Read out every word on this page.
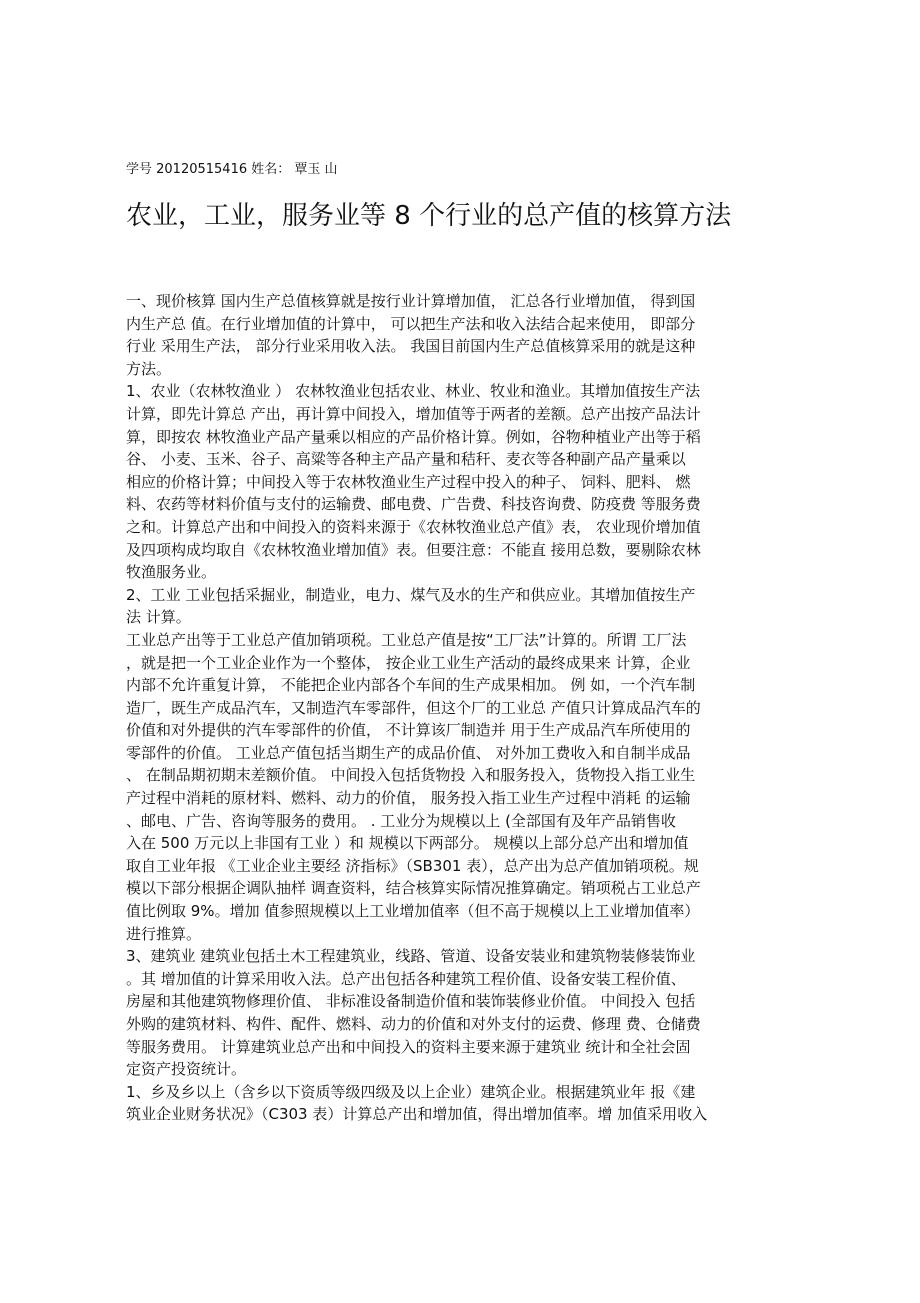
学号 20120515416 姓名： 覃玉 山
农业，工业，服务业等 8 个行业的总产值的核算方法
一、现价核算 国内生产总值核算就是按行业计算增加值， 汇总各行业增加值， 得到国
内生产总 值。在行业增加值的计算中， 可以把生产法和收入法结合起来使用， 即部分
行业 采用生产法， 部分行业采用收入法。 我国目前国内生产总值核算采用的就是这种
方法。
1、农业（农林牧渔业 ） 农林牧渔业包括农业、林业、牧业和渔业。其增加值按生产法
计算，即先计算总 产出，再计算中间投入，增加值等于两者的差额。总产出按产品法计
算，即按农 林牧渔业产品产量乘以相应的产品价格计算。例如，谷物种植业产出等于稻
谷、 小麦、玉米、谷子、高粱等各种主产品产量和秸秆、麦衣等各种副产品产量乘以
相应的价格计算；中间投入等于农林牧渔业生产过程中投入的种子、 饲料、肥料、 燃
料、农药等材料价值与支付的运输费、邮电费、广告费、科技咨询费、防疫费 等服务费
之和。计算总产出和中间投入的资料来源于《农林牧渔业总产值》表， 农业现价增加值
及四项构成均取自《农林牧渔业增加值》表。但要注意：不能直 接用总数，要剔除农林
牧渔服务业。
2、工业 工业包括采掘业，制造业，电力、煤气及水的生产和供应业。其增加值按生产
法 计算。
工业总产出等于工业总产值加销项税。工业总产值是按“工厂法”计算的。所谓 工厂法
，就是把一个工业企业作为一个整体， 按企业工业生产活动的最终成果来 计算，企业
内部不允许重复计算， 不能把企业内部各个车间的生产成果相加。 例 如，一个汽车制
造厂，既生产成品汽车，又制造汽车零部件，但这个厂的工业总 产值只计算成品汽车的
价值和对外提供的汽车零部件的价值， 不计算该厂制造并 用于生产成品汽车所使用的
零部件的价值。 工业总产值包括当期生产的成品价值、 对外加工费收入和自制半成品
、 在制品期初期末差额价值。 中间投入包括货物投 入和服务投入，货物投入指工业生
产过程中消耗的原材料、燃料、动力的价值， 服务投入指工业生产过程中消耗 的运输
、邮电、广告、咨询等服务的费用。 . 工业分为规模以上 (全部国有及年产品销售收
入在 500 万元以上非国有工业 ）和 规模以下两部分。 规模以上部分总产出和增加值
取自工业年报 《工业企业主要经 济指标》（SB301 表），总产出为总产值加销项税。规
模以下部分根据企调队抽样 调查资料，结合核算实际情况推算确定。销项税占工业总产
值比例取 9%。增加 值参照规模以上工业增加值率（但不高于规模以上工业增加值率）
进行推算。
3、建筑业 建筑业包括土木工程建筑业，线路、管道、设备安装业和建筑物装修装饰业
。其 增加值的计算采用收入法。总产出包括各种建筑工程价值、设备安装工程价值、
房屋和其他建筑物修理价值、 非标准设备制造价值和装饰装修业价值。 中间投入 包括
外购的建筑材料、构件、配件、燃料、动力的价值和对外支付的运费、修理 费、仓储费
等服务费用。 计算建筑业总产出和中间投入的资料主要来源于建筑业 统计和全社会固
定资产投资统计。
1、乡及乡以上（含乡以下资质等级四级及以上企业）建筑企业。根据建筑业年 报《建
筑业企业财务状况》（C303 表）计算总产出和增加值，得出增加值率。增 加值采用收入
